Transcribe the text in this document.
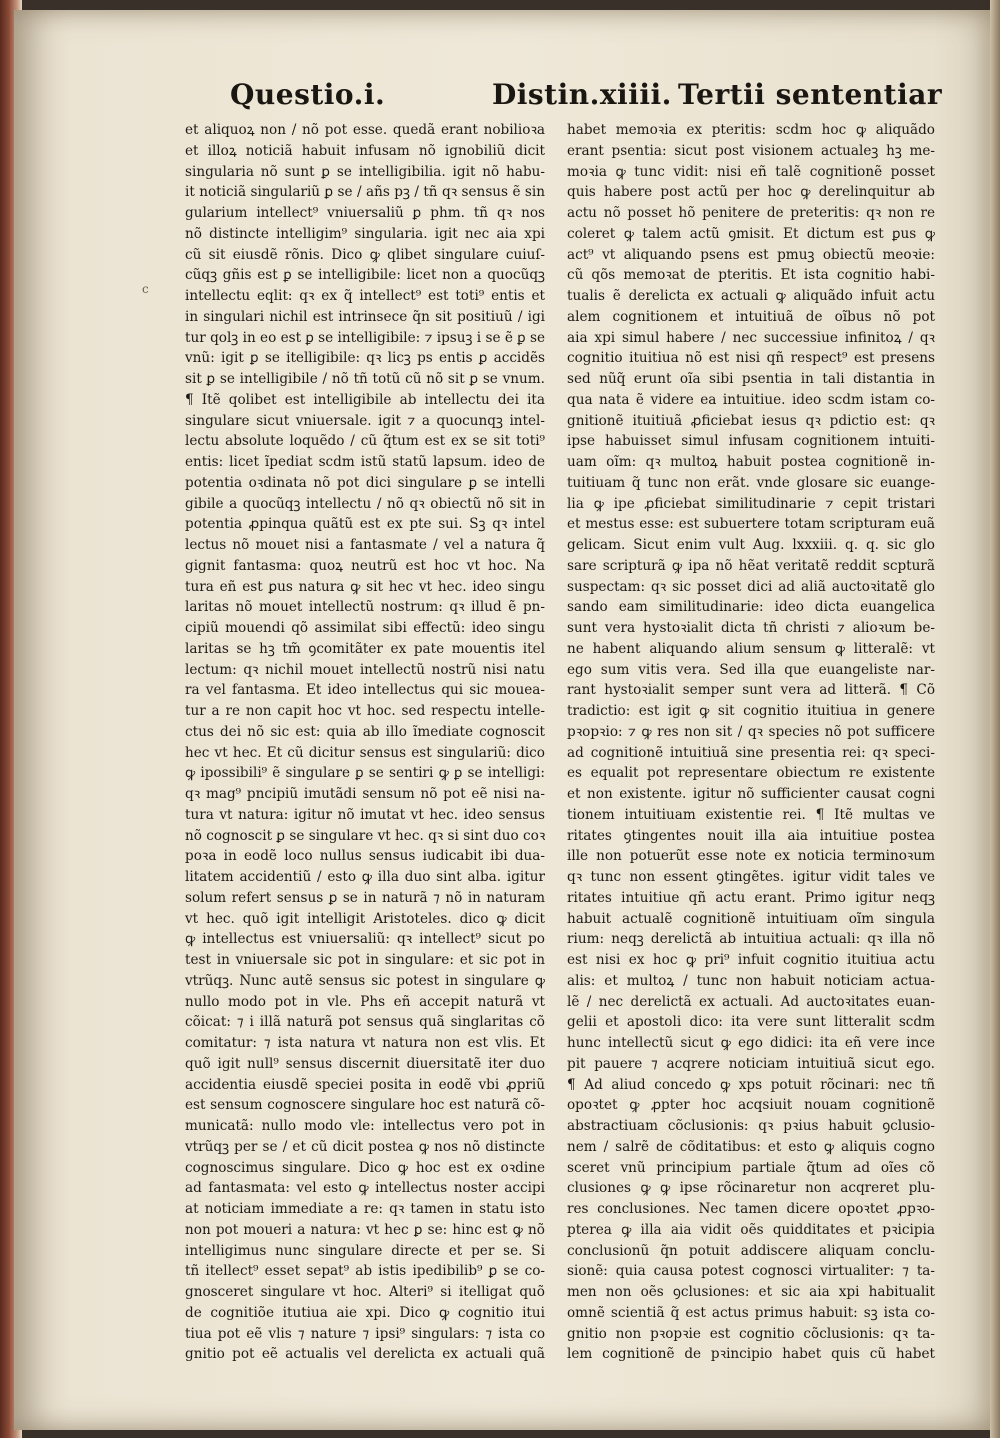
Questio.i.	Distin.xiiii. Tertii sententiar
c
et aliquoꝝ non / nõ pot esse. quedã erant nobilioꝛa
et illoꝝ noticiã habuit infusam nõ ignobiliũ dicit
singularia nõ sunt ꝑ se intelligibilia. igit nõ habu-
it noticiã singulariũ ꝑ se / añs pꝫ / tñ qꝛ sensus ẽ sin
gularium intellect⁹ vniuersaliũ ꝑ phm. tñ qꝛ nos
nõ distincte intelligim⁹ singularia. igit nec aia xpi
cũ sit eiusdẽ rõnis. Dico ꝙ qlibet singulare cuiuſ-
cũqꝫ gñis est ꝑ se intelligibile: licet non a quocũqꝫ
intellectu eqlit: qꝛ ex q̃ intellect⁹ est toti⁹ entis et
in singulari nichil est intrinsece q̃n sit positiuũ / igi
tur qolꝫ in eo est ꝑ se intelligibile: ⁊ ipsuꝫ i se ẽ ꝑ se
vnũ: igit ꝑ se itelligibile: qꝛ licꝫ ps entis ꝑ accidẽs
sit ꝑ se intelligibile / nõ tñ totũ cũ nõ sit ꝑ se vnum.
¶ Itẽ qolibet est intelligibile ab intellectu dei ita
singulare sicut vniuersale. igit ⁊ a quocunqꝫ intel-
lectu absolute loquẽdo / cũ q̃tum est ex se sit toti⁹
entis: licet ĩpediat scdm istũ statũ lapsum. ideo de
potentia oꝛdinata nõ pot dici singulare ꝑ se intelli
gibile a quocũqꝫ intellectu / nõ qꝛ obiectũ nõ sit in
potentia ꝓpinqua quãtũ est ex pte sui. Sꝫ qꝛ intel
lectus nõ mouet nisi a fantasmate / vel a natura q̃
gignit fantasma: quoꝝ neutrũ est hoc vt hoc. Na
tura eñ est ꝑus natura ꝙ sit hec vt hec. ideo singu
laritas nõ mouet intellectũ nostrum: qꝛ illud ẽ pn-
cipiũ mouendi qõ assimilat sibi effectũ: ideo singu
laritas se hꝫ tm̃ ꝯcomitãter ex pate mouentis itel
lectum: qꝛ nichil mouet intellectũ nostrũ nisi natu
ra vel fantasma. Et ideo intellectus qui sic mouea-
tur a re non capit hoc vt hoc. sed respectu intelle-
ctus dei nõ sic est: quia ab illo ĩmediate cognoscit
hec vt hec. Et cũ dicitur sensus est singulariũ: dico
ꝙ ipossibili⁹ ẽ singulare ꝑ se sentiri ꝙ ꝑ se intelligi:
qꝛ mag⁹ pncipiũ imutãdi sensum nõ pot eẽ nisi na-
tura vt natura: igitur nõ imutat vt hec. ideo sensus
nõ cognoscit ꝑ se singulare vt hec. qꝛ si sint duo coꝛ
poꝛa in eodẽ loco nullus sensus iudicabit ibi dua-
litatem accidentiũ / esto ꝙ illa duo sint alba. igitur
solum refert sensus ꝑ se in naturã ⁊ nõ in naturam
vt hec. quõ igit intelligit Aristoteles. dico ꝙ dicit
ꝙ intellectus est vniuersaliũ: qꝛ intellect⁹ sicut po
test in vniuersale sic pot in singulare: et sic pot in
vtrũqꝫ. Nunc autẽ sensus sic potest in singulare ꝙ
nullo modo pot in vle. Phs eñ accepit naturã vt
cõicat: ⁊ i illã naturã pot sensus quã singlaritas cõ
comitatur: ⁊ ista natura vt natura non est vlis. Et
quõ igit null⁹ sensus discernit diuersitatẽ iter duo
accidentia eiusdẽ speciei posita in eodẽ vbi ꝓpriũ
est sensum cognoscere singulare hoc est naturã cõ-
municatã: nullo modo vle: intellectus vero pot in
vtrũqꝫ per se / et cũ dicit postea ꝙ nos nõ distincte
cognoscimus singulare. Dico ꝙ hoc est ex oꝛdine
ad fantasmata: vel esto ꝙ intellectus noster accipi
at noticiam immediate a re: qꝛ tamen in statu isto
non pot moueri a natura: vt hec ꝑ se: hinc est ꝙ nõ
intelligimus nunc singulare directe et per se. Si
tñ itellect⁹ esset sepat⁹ ab istis ipedibilib⁹ ꝑ se co-
gnosceret singulare vt hoc. Alteri⁹ si itelligat quõ
de cognitiõe itutiua aie xpi. Dico ꝙ cognitio itui
tiua pot eẽ vlis ⁊ nature ⁊ ipsi⁹ singulars: ⁊ ista co
gnitio pot eẽ actualis vel derelicta ex actuali quã
habet memoꝛia ex pteritis: scdm hoc ꝙ aliquãdo
erant psentia: sicut post visionem actualeꝫ hꝫ me-
moꝛia ꝙ tunc vidit: nisi eñ talẽ cognitionẽ posset
quis habere post actũ per hoc ꝙ derelinquitur ab
actu nõ posset hõ penitere de preteritis: qꝛ non re
coleret ꝙ talem actũ ꝯmisit. Et dictum est ꝑus ꝙ
act⁹ vt aliquando psens est pmuꝫ obiectũ meoꝛie:
cũ qõs memoꝛat de pteritis. Et ista cognitio habi-
tualis ẽ derelicta ex actuali ꝙ aliquãdo infuit actu
alem cognitionem et intuitiuã de oĩbus nõ pot
aia xpi simul habere / nec successiue infinitoꝝ / qꝛ
cognitio ituitiua nõ est nisi qñ respect⁹ est presens
sed nũq̃ erunt oĩa sibi psentia in tali distantia in
qua nata ẽ videre ea intuitiue. ideo scdm istam co-
gnitionẽ ituitiuã ꝓficiebat iesus qꝛ pdictio est: qꝛ
ipse habuisset simul infusam cognitionem intuiti-
uam oĩm: qꝛ multoꝝ habuit postea cognitionẽ in-
tuitiuam q̃ tunc non erãt. vnde glosare sic euange-
lia ꝙ ipe ꝓficiebat similitudinarie ⁊ cepit tristari
et mestus esse: est subuertere totam scripturam euã
gelicam. Sicut enim vult Aug. lxxxiii. q. q. sic glo
sare scripturã ꝙ ipa nõ hẽat veritatẽ reddit scpturã
suspectam: qꝛ sic posset dici ad aliã auctoꝛitatẽ glo
sando eam similitudinarie: ideo dicta euangelica
sunt vera hystoꝛialit dicta tñ christi ⁊ alioꝛum be-
ne habent aliquando alium sensum ꝙ litteralẽ: vt
ego sum vitis vera. Sed illa que euangeliste nar-
rant hystoꝛialit semper sunt vera ad litterã. ¶ Cõ
tradictio: est igit ꝙ sit cognitio ituitiua in genere
pꝛopꝛio: ⁊ ꝙ res non sit / qꝛ species nõ pot sufficere
ad cognitionẽ intuitiuã sine presentia rei: qꝛ speci-
es equalit pot representare obiectum re existente
et non existente. igitur nõ sufficienter causat cogni
tionem intuitiuam existentie rei. ¶ Itẽ multas ve
ritates ꝯtingentes nouit illa aia intuitiue postea
ille non potuerũt esse note ex noticia terminoꝛum
qꝛ tunc non essent ꝯtingẽtes. igitur vidit tales ve
ritates intuitiue qñ actu erant. Primo igitur neqꝫ
habuit actualẽ cognitionẽ intuitiuam oĩm singula
rium: neqꝫ derelictã ab intuitiua actuali: qꝛ illa nõ
est nisi ex hoc ꝙ pri⁹ infuit cognitio ituitiua actu
alis: et multoꝝ / tunc non habuit noticiam actua-
lẽ / nec derelictã ex actuali. Ad auctoꝛitates euan-
gelii et apostoli dico: ita vere sunt litteralit scdm
hunc intellectũ sicut ꝙ ego didici: ita eñ vere ince
pit pauere ⁊ acqrere noticiam intuitiuã sicut ego.
¶ Ad aliud concedo ꝙ xps potuit rõcinari: nec tñ
opoꝛtet ꝙ ꝓpter hoc acqsiuit nouam cognitionẽ
abstractiuam cõclusionis: qꝛ pꝛius habuit ꝯclusio-
nem / salrẽ de cõditatibus: et esto ꝙ aliquis cogno
sceret vnũ principium partiale q̃tum ad oĩes cõ
clusiones ꝙ ꝙ ipse rõcinaretur non acqreret plu-
res conclusiones. Nec tamen dicere opoꝛtet ꝓpꝛo-
pterea ꝙ illa aia vidit oẽs quidditates et pꝛicipia
conclusionũ q̃n potuit addiscere aliquam conclu-
sionẽ: quia causa potest cognosci virtualiter: ⁊ ta-
men non oẽs ꝯclusiones: et sic aia xpi habitualit
omnẽ scientiã q̃ est actus primus habuit: sꝫ ista co-
gnitio non pꝛopꝛie est cognitio cõclusionis: qꝛ ta-
lem cognitionẽ de pꝛincipio habet quis cũ habet
